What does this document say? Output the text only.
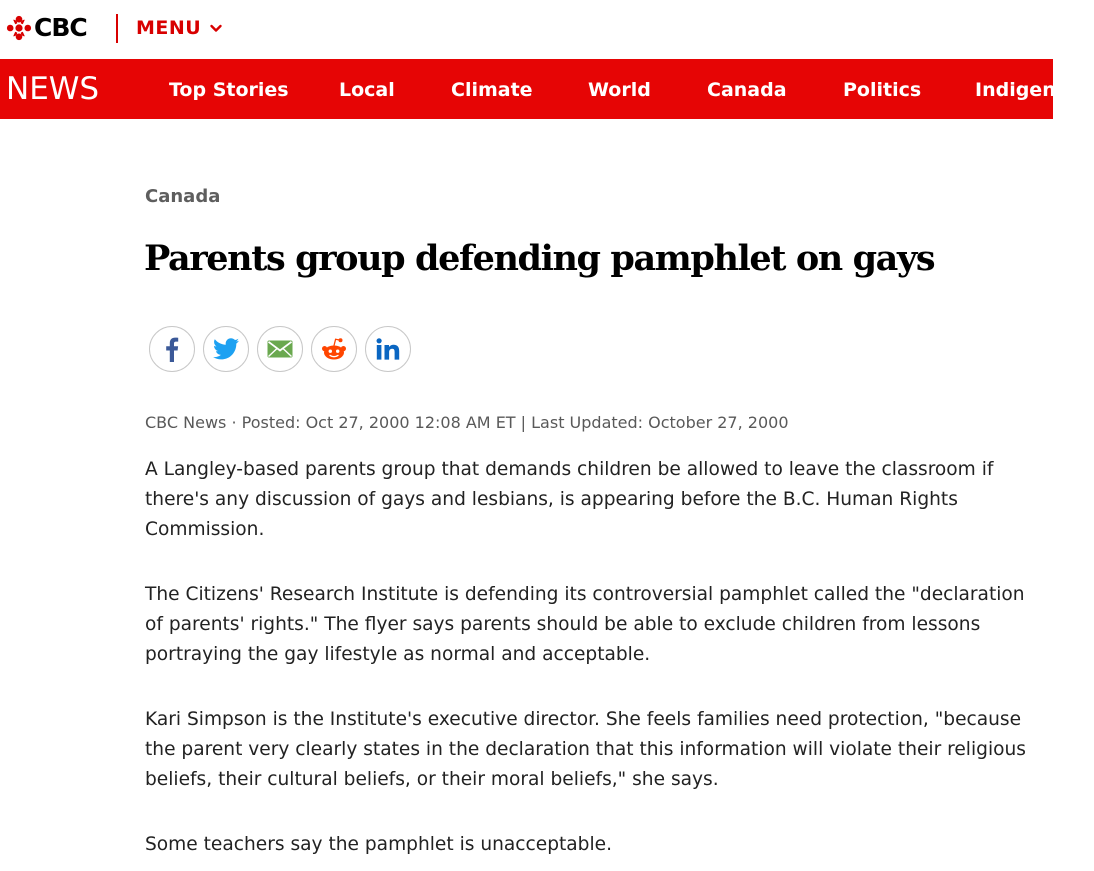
CBC	MENU
NEWS	Top Stories	Local	Climate	World	Canada	Politics	Indigenous
Canada
Parents group defending pamphlet on gays
CBC News · Posted: Oct 27, 2000 12:08 AM ET | Last Updated: October 27, 2000

A Langley-based parents group that demands children be allowed to leave the classroom if there's any discussion of gays and lesbians, is appearing before the B.C. Human Rights Commission.

The Citizens' Research Institute is defending its controversial pamphlet called the "declaration of parents' rights." The flyer says parents should be able to exclude children from lessons portraying the gay lifestyle as normal and acceptable.

Kari Simpson is the Institute's executive director. She feels families need protection, "because the parent very clearly states in the declaration that this information will violate their religious beliefs, their cultural beliefs, or their moral beliefs," she says.

Some teachers say the pamphlet is unacceptable.
